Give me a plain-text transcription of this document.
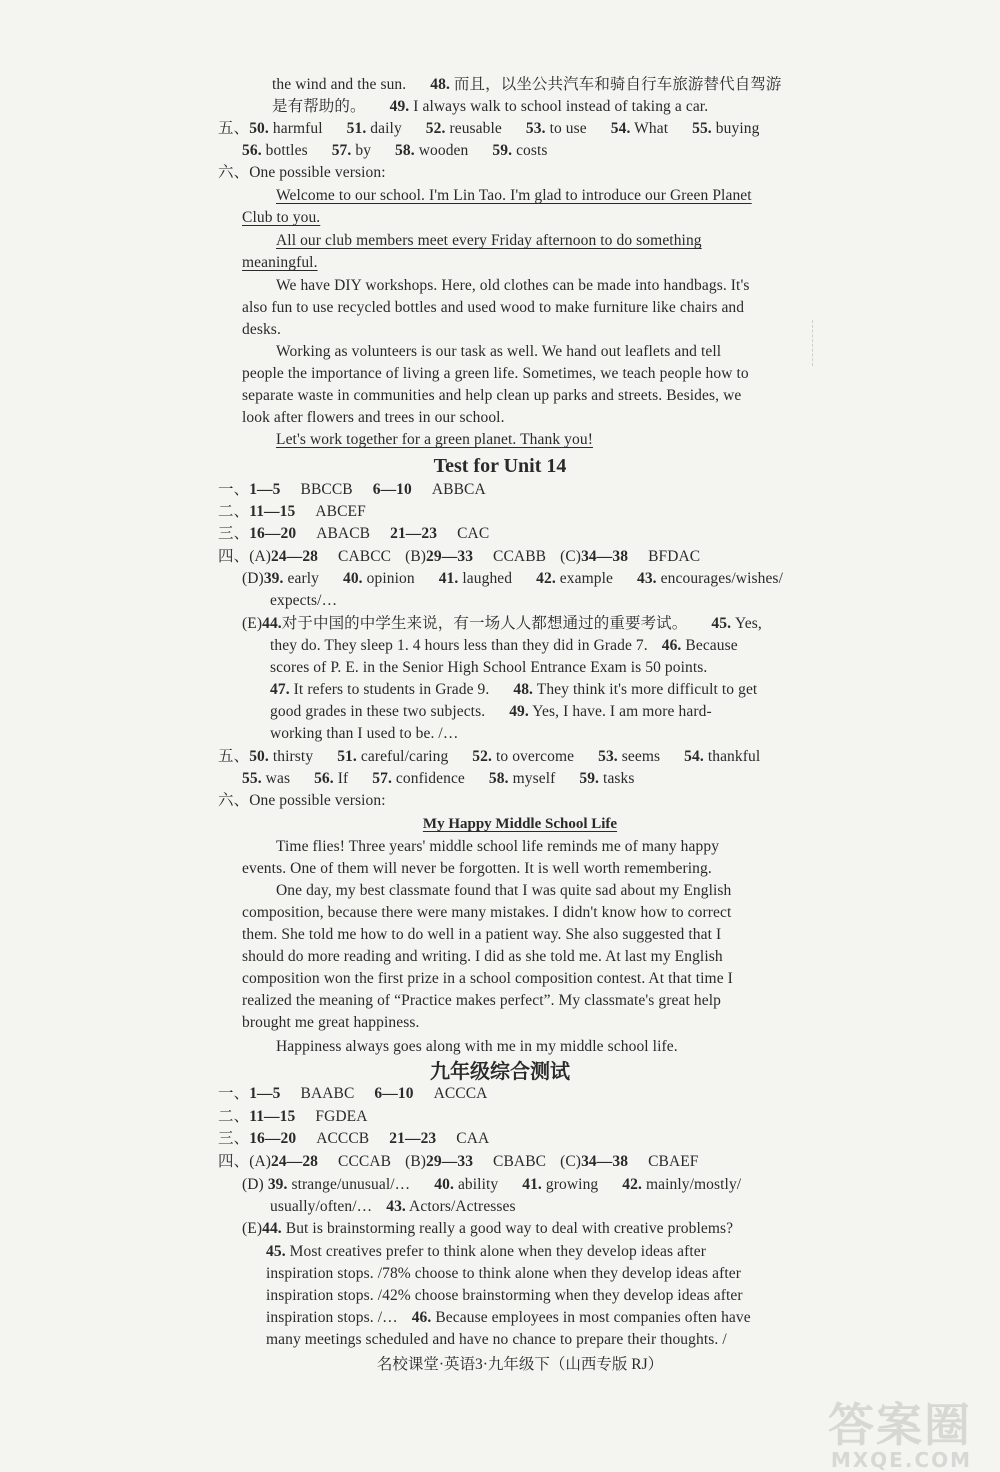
the wind and the sun. 48. 而且，以坐公共汽车和骑自行车旅游替代自驾游
是有帮助的。 49. I always walk to school instead of taking a car.
五、50. harmful 51. daily 52. reusable 53. to use 54. What 55. buying
56. bottles 57. by 58. wooden 59. costs
六、One possible version:
Welcome to our school. I'm Lin Tao. I'm glad to introduce our Green Planet
Club to you.
All our club members meet every Friday afternoon to do something
meaningful.
We have DIY workshops. Here, old clothes can be made into handbags. It's
also fun to use recycled bottles and used wood to make furniture like chairs and
desks.
Working as volunteers is our task as well. We hand out leaflets and tell
people the importance of living a green life. Sometimes, we teach people how to
separate waste in communities and help clean up parks and streets. Besides, we
look after flowers and trees in our school.
Let's work together for a green planet. Thank you!
Test for Unit 14
一、1—5 BBCCB 6—10 ABBCA
二、11—15 ABCEF
三、16—20 ABACB 21—23 CAC
四、(A)24—28 CABCC (B)29—33 CCABB (C)34—38 BFDAC
(D)39. early 40. opinion 41. laughed 42. example 43. encourages/wishes/
expects/…
(E)44.对于中国的中学生来说，有一场人人都想通过的重要考试。 45. Yes,
they do. They sleep 1. 4 hours less than they did in Grade 7. 46. Because
scores of P. E. in the Senior High School Entrance Exam is 50 points.
47. It refers to students in Grade 9. 48. They think it's more difficult to get
good grades in these two subjects. 49. Yes, I have. I am more hard-
working than I used to be. /…
五、50. thirsty 51. careful/caring 52. to overcome 53. seems 54. thankful
55. was 56. If 57. confidence 58. myself 59. tasks
六、One possible version:
My Happy Middle School Life
Time flies! Three years' middle school life reminds me of many happy
events. One of them will never be forgotten. It is well worth remembering.
One day, my best classmate found that I was quite sad about my English
composition, because there were many mistakes. I didn't know how to correct
them. She told me how to do well in a patient way. She also suggested that I
should do more reading and writing. I did as she told me. At last my English
composition won the first prize in a school composition contest. At that time I
realized the meaning of “Practice makes perfect”. My classmate's great help
brought me great happiness.
Happiness always goes along with me in my middle school life.
九年级综合测试
一、1—5 BAABC 6—10 ACCCA
二、11—15 FGDEA
三、16—20 ACCCB 21—23 CAA
四、(A)24—28 CCCAB (B)29—33 CBABC (C)34—38 CBAEF
(D) 39. strange/unusual/… 40. ability 41. growing 42. mainly/mostly/
usually/often/… 43. Actors/Actresses
(E)44. But is brainstorming really a good way to deal with creative problems?
45. Most creatives prefer to think alone when they develop ideas after
inspiration stops. /78% choose to think alone when they develop ideas after
inspiration stops. /42% choose brainstorming when they develop ideas after
inspiration stops. /… 46. Because employees in most companies often have
many meetings scheduled and have no chance to prepare their thoughts. /
名校课堂·英语3·九年级下（山西专版 RJ）
答案圈
MXQE.COM
